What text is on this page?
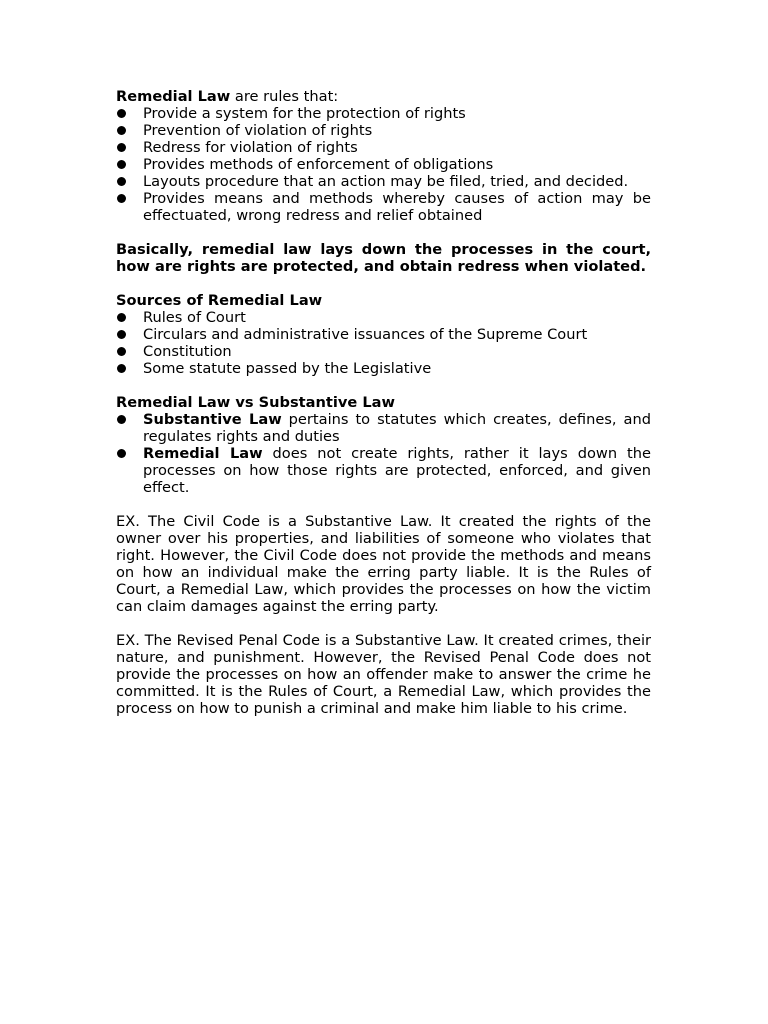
Remedial Law are rules that:

Provide a system for the protection of rights
Prevention of violation of rights
Redress for violation of rights
Provides methods of enforcement of obligations
Layouts procedure that an action may be filed, tried, and decided.
Provides means and methods whereby causes of action may be effectuated, wrong redress and relief obtained

Basically, remedial law lays down the processes in the court, how are rights are protected, and obtain redress when violated.

Sources of Remedial Law

Rules of Court
Circulars and administrative issuances of the Supreme Court
Constitution
Some statute passed by the Legislative

Remedial Law vs Substantive Law

Substantive Law pertains to statutes which creates, defines, and regulates rights and duties
Remedial Law does not create rights, rather it lays down the processes on how those rights are protected, enforced, and given effect.

EX. The Civil Code is a Substantive Law. It created the rights of the owner over his properties, and liabilities of someone who violates that right. However, the Civil Code does not provide the methods and means on how an individual make the erring party liable. It is the Rules of Court, a Remedial Law, which provides the processes on how the victim can claim damages against the erring party.

EX. The Revised Penal Code is a Substantive Law. It created crimes, their nature, and punishment. However, the Revised Penal Code does not provide the processes on how an offender make to answer the crime he committed. It is the Rules of Court, a Remedial Law, which provides the process on how to punish a criminal and make him liable to his crime.
